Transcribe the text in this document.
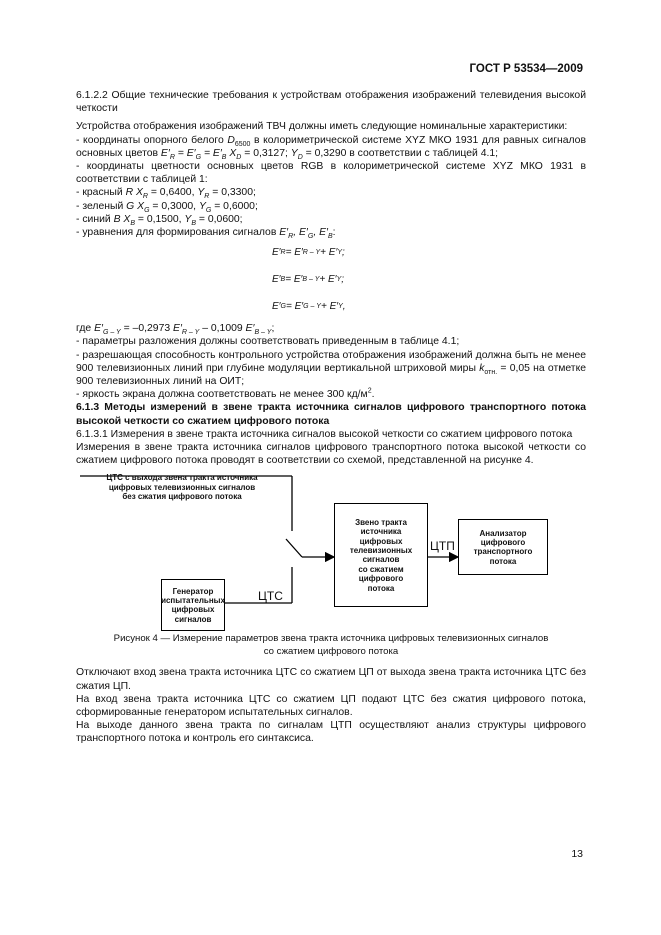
ГОСТ Р 53534—2009

6.1.2.2 Общие технические требования к устройствам отображения изображений телевидения высокой четкости

Устройства отображения изображений ТВЧ должны иметь следующие номинальные характеристики:

- координаты опорного белого $D_{6500}$ в колориметрической системе XYZ МКО 1931 для равных сигналов основных цветов $E'_R = E'_G = E'_B$ $X_D = 0,3127$; $Y_D = 0,3290$ в соответствии с таблицей 4.1;

- координаты цветности основных цветов RGB в колориметрической системе XYZ МКО 1931 в соответствии с таблицей 1:

- красный R $X_R = 0,6400$, $Y_R = 0,3300$;

- зеленый G $X_G = 0,3000$, $Y_G = 0,6000$;

- синий B $X_B = 0,1500$, $Y_B = 0,0600$;

- уравнения для формирования сигналов $E'_R$, $E'_G$, $E'_B$:

E′ R = E′ R – Y + E′ Y ;
E′ B = E′ B – Y + E′ Y ;
E′ G = E′ G – Y + E′ Y ,

где $E'_{G - Y} = -0,2973$ $E'_{R - Y} - 0,1009$ $E'_{B - Y}$;

- параметры разложения должны соответствовать приведенным в таблице 4.1;

- разрешающая способность контрольного устройства отображения изображений должна быть не менее 900 телевизионных линий при глубине модуляции вертикальной штриховой миры $k_{отн.} = 0,05$ на отметке 900 телевизионных линий на ОИТ;

- яркость экрана должна соответствовать не менее 300 $кд/м^2$.

6.1.3 Методы измерений в звене тракта источника сигналов цифрового транспортного потока высокой четкости со сжатием цифрового потока

6.1.3.1 Измерения в звене тракта источника сигналов высокой четкости со сжатием цифрового потока

Измерения в звене тракта источника сигналов цифрового транспортного потока высокой четкости со сжатием цифрового потока проводят в соответствии со схемой, представленной на рисунке 4.

ЦТС с выхода звена тракта источника
цифровых телевизионных сигналов
без сжатия цифрового потока
Генератор
испытательных
цифровых
сигналов
ЦТС
Звено тракта
источника
цифровых
телевизионных
сигналов
со сжатием
цифрового
потока
ЦТП
Анализатор
цифрового
транспортного
потока
Рисунок 4 — Измерение параметров звена тракта источника цифровых телевизионных сигналов
со сжатием цифрового потока

Отключают вход звена тракта источника ЦТС со сжатием ЦП от выхода звена тракта источника ЦТС без сжатия ЦП.

На вход звена тракта источника ЦТС со сжатием ЦП подают ЦТС без сжатия цифрового потока, сформированные генератором испытательных сигналов.

На выходе данного звена тракта по сигналам ЦТП осуществляют анализ структуры цифрового транспортного потока и контроль его синтаксиса.

13
